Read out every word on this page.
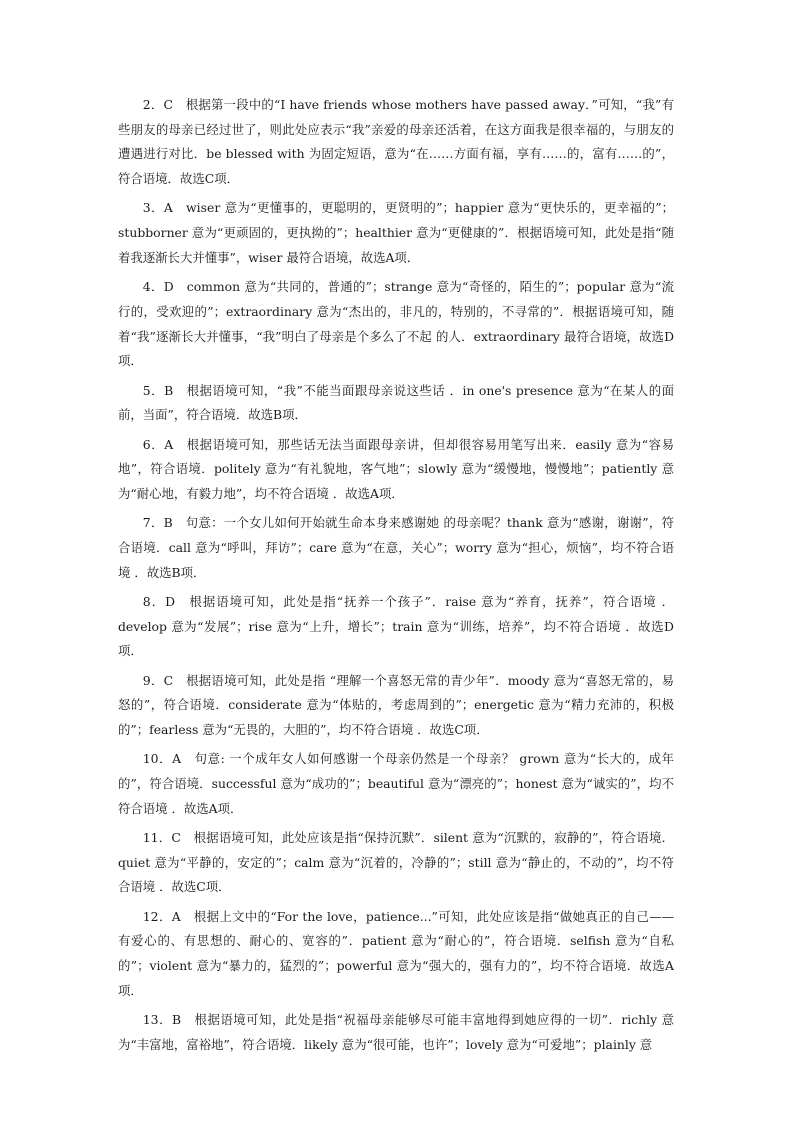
2．C　根据第一段中的“I have friends whose mothers have passed away．”可知，“我”有些朋友的母亲已经过世了，则此处应表示“我”亲爱的母亲还活着，在这方面我是很幸福的，与朋友的遭遇进行对比．be blessed with 为固定短语，意为“在……方面有福，享有……的，富有……的”，符合语境．故选C项．

3．A　wiser 意为“更懂事的，更聪明的，更贤明的”；happier 意为“更快乐的，更幸福的”；stubborner 意为“更顽固的，更执拗的”；healthier 意为“更健康的”．根据语境可知，此处是指“随着我逐渐长大并懂事”，wiser 最符合语境，故选A项．

4．D　common 意为“共同的，普通的”；strange 意为“奇怪的，陌生的”；popular 意为“流行的，受欢迎的”；extraordinary 意为“杰出的，非凡的，特别的，不寻常的”．根据语境可知，随着“我”逐渐长大并懂事，“我”明白了母亲是个多么了不起 的人．extraordinary 最符合语境，故选D项．

5．B　根据语境可知，“我”不能当面跟母亲说这些话 ．in one's presence 意为“在某人的面前，当面”，符合语境．故选B项．

6．A　根据语境可知，那些话无法当面跟母亲讲，但却很容易用笔写出来．easily 意为“容易地”，符合语境．politely 意为“有礼貌地，客气地”；slowly 意为“缓慢地，慢慢地”；patiently 意为“耐心地，有毅力地”，均不符合语境 ．故选A项．

7．B　句意：一个女儿如何开始就生命本身来感谢她 的母亲呢？thank 意为“感谢，谢谢”，符合语境．call 意为“呼叫，拜访”；care 意为“在意，关心”；worry 意为“担心，烦恼”，均不符合语境 ．故选B项．

8．D　根据语境可知，此处是指“抚养一个孩子”．raise 意为“养育，抚养”，符合语境 ．develop 意为“发展”；rise 意为“上升，增长”；train 意为“训练，培养”，均不符合语境 ．故选D项．

9．C　根据语境可知，此处是指 “理解一个喜怒无常的青少年”．moody 意为“喜怒无常的，易怒的”，符合语境．considerate 意为“体贴的，考虑周到的”；energetic 意为“精力充沛的，积极的”；fearless 意为“无畏的，大胆的”，均不符合语境 ．故选C项．

10．A　句意: 一个成年女人如何感谢一个母亲仍然是一个母亲？ grown 意为“长大的，成年的”，符合语境．successful 意为“成功的”；beautiful 意为“漂亮的”；honest 意为“诚实的”，均不符合语境 ．故选A项．

11．C　根据语境可知，此处应该是指“保持沉默”．silent 意为“沉默的，寂静的”，符合语境．quiet 意为“平静的，安定的”；calm 意为“沉着的，冷静的”；still 意为“静止的，不动的”，均不符合语境 ．故选C项．

12．A　根据上文中的“For the love，patience...”可知，此处应该是指“做她真正的自己——有爱心的、有思想的、耐心的、宽容的”．patient 意为“耐心的”，符合语境．selfish 意为“自私的”；violent 意为“暴力的，猛烈的”；powerful 意为“强大的，强有力的”，均不符合语境．故选A项．

13．B　根据语境可知，此处是指“祝福母亲能够尽可能丰富地得到她应得的一切”．richly 意为“丰富地，富裕地”，符合语境．likely 意为“很可能，也许”；lovely 意为“可爱地”；plainly 意
